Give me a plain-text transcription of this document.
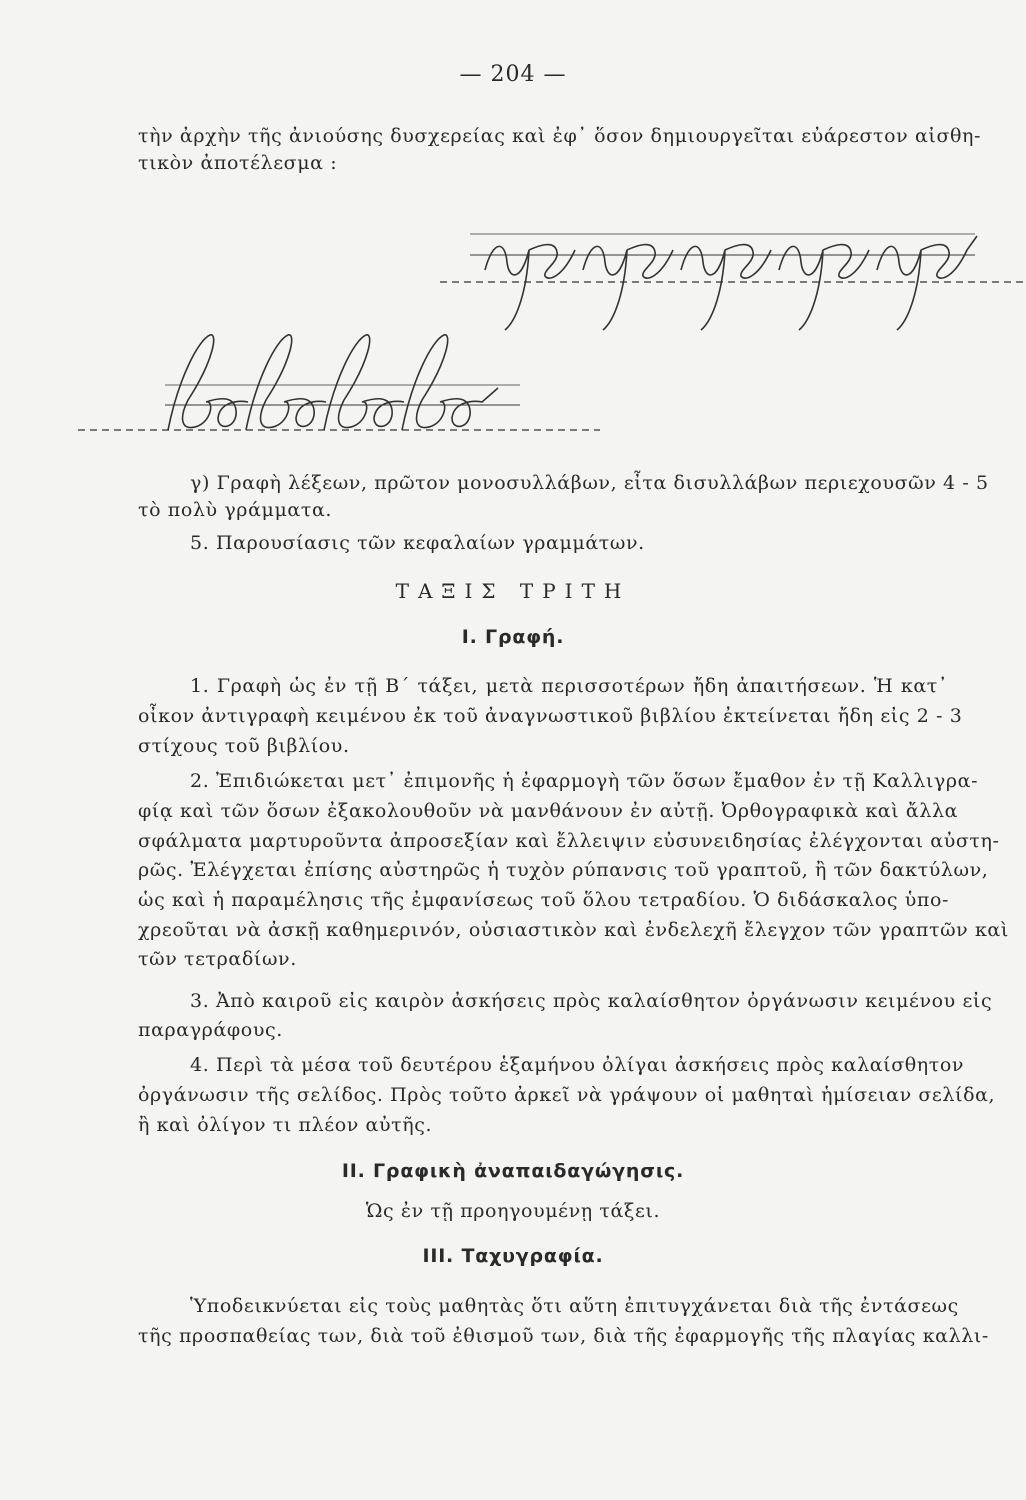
— 204 —
τὴν ἀρχὴν τῆς ἀνιούσης δυσχερείας καὶ ἐφ᾽ ὅσον δημιουργεῖται εὐάρεστον αἰσθη-
τικὸν ἀποτέλεσμα :
γ) Γραφὴ λέξεων, πρῶτον μονοσυλλάβων, εἶτα δισυλλάβων περιεχουσῶν 4 - 5
τὸ πολὺ γράμματα.
5. Παρουσίασις τῶν κεφαλαίων γραμμάτων.
ΤΑΞΙΣ ΤΡΙΤΗ
I. Γραφή.
1. Γραφὴ ὡς ἐν τῇ Β΄ τάξει, μετὰ περισσοτέρων ἤδη ἀπαιτήσεων. Ἡ κατ᾽
οἶκον ἀντιγραφὴ κειμένου ἐκ τοῦ ἀναγνωστικοῦ βιβλίου ἐκτείνεται ἤδη εἰς 2 - 3
στίχους τοῦ βιβλίου.
2. Ἐπιδιώκεται μετ᾽ ἐπιμονῆς ἡ ἐφαρμογὴ τῶν ὅσων ἔμαθον ἐν τῇ Καλλιγρα-
φίᾳ καὶ τῶν ὅσων ἐξακολουθοῦν νὰ μανθάνουν ἐν αὐτῇ. Ὀρθογραφικὰ καὶ ἄλλα
σφάλματα μαρτυροῦντα ἀπροσεξίαν καὶ ἔλλειψιν εὐσυνειδησίας ἐλέγχονται αὐστη-
ρῶς. Ἐλέγχεται ἐπίσης αὐστηρῶς ἡ τυχὸν ρύπανσις τοῦ γραπτοῦ, ἢ τῶν δακτύλων,
ὡς καὶ ἡ παραμέλησις τῆς ἐμφανίσεως τοῦ ὅλου τετραδίου. Ὁ διδάσκαλος ὑπο-
χρεοῦται νὰ ἀσκῇ καθημερινόν, οὐσιαστικὸν καὶ ἐνδελεχῆ ἔλεγχον τῶν γραπτῶν καὶ
τῶν τετραδίων.
3. Ἀπὸ καιροῦ εἰς καιρὸν ἀσκήσεις πρὸς καλαίσθητον ὀργάνωσιν κειμένου εἰς
παραγράφους.
4. Περὶ τὰ μέσα τοῦ δευτέρου ἑξαμήνου ὀλίγαι ἀσκήσεις πρὸς καλαίσθητον
ὀργάνωσιν τῆς σελίδος. Πρὸς τοῦτο ἀρκεῖ νὰ γράψουν οἱ μαθηταὶ ἡμίσειαν σελίδα,
ἢ καὶ ὀλίγον τι πλέον αὐτῆς.
II. Γραφικὴ ἀναπαιδαγώγησις.
Ὡς ἐν τῇ προηγουμένῃ τάξει.
III. Ταχυγραφία.
Ὑποδεικνύεται εἰς τοὺς μαθητὰς ὅτι αὕτη ἐπιτυγχάνεται διὰ τῆς ἐντάσεως
τῆς προσπαθείας των, διὰ τοῦ ἐθισμοῦ των, διὰ τῆς ἐφαρμογῆς τῆς πλαγίας καλλι-
